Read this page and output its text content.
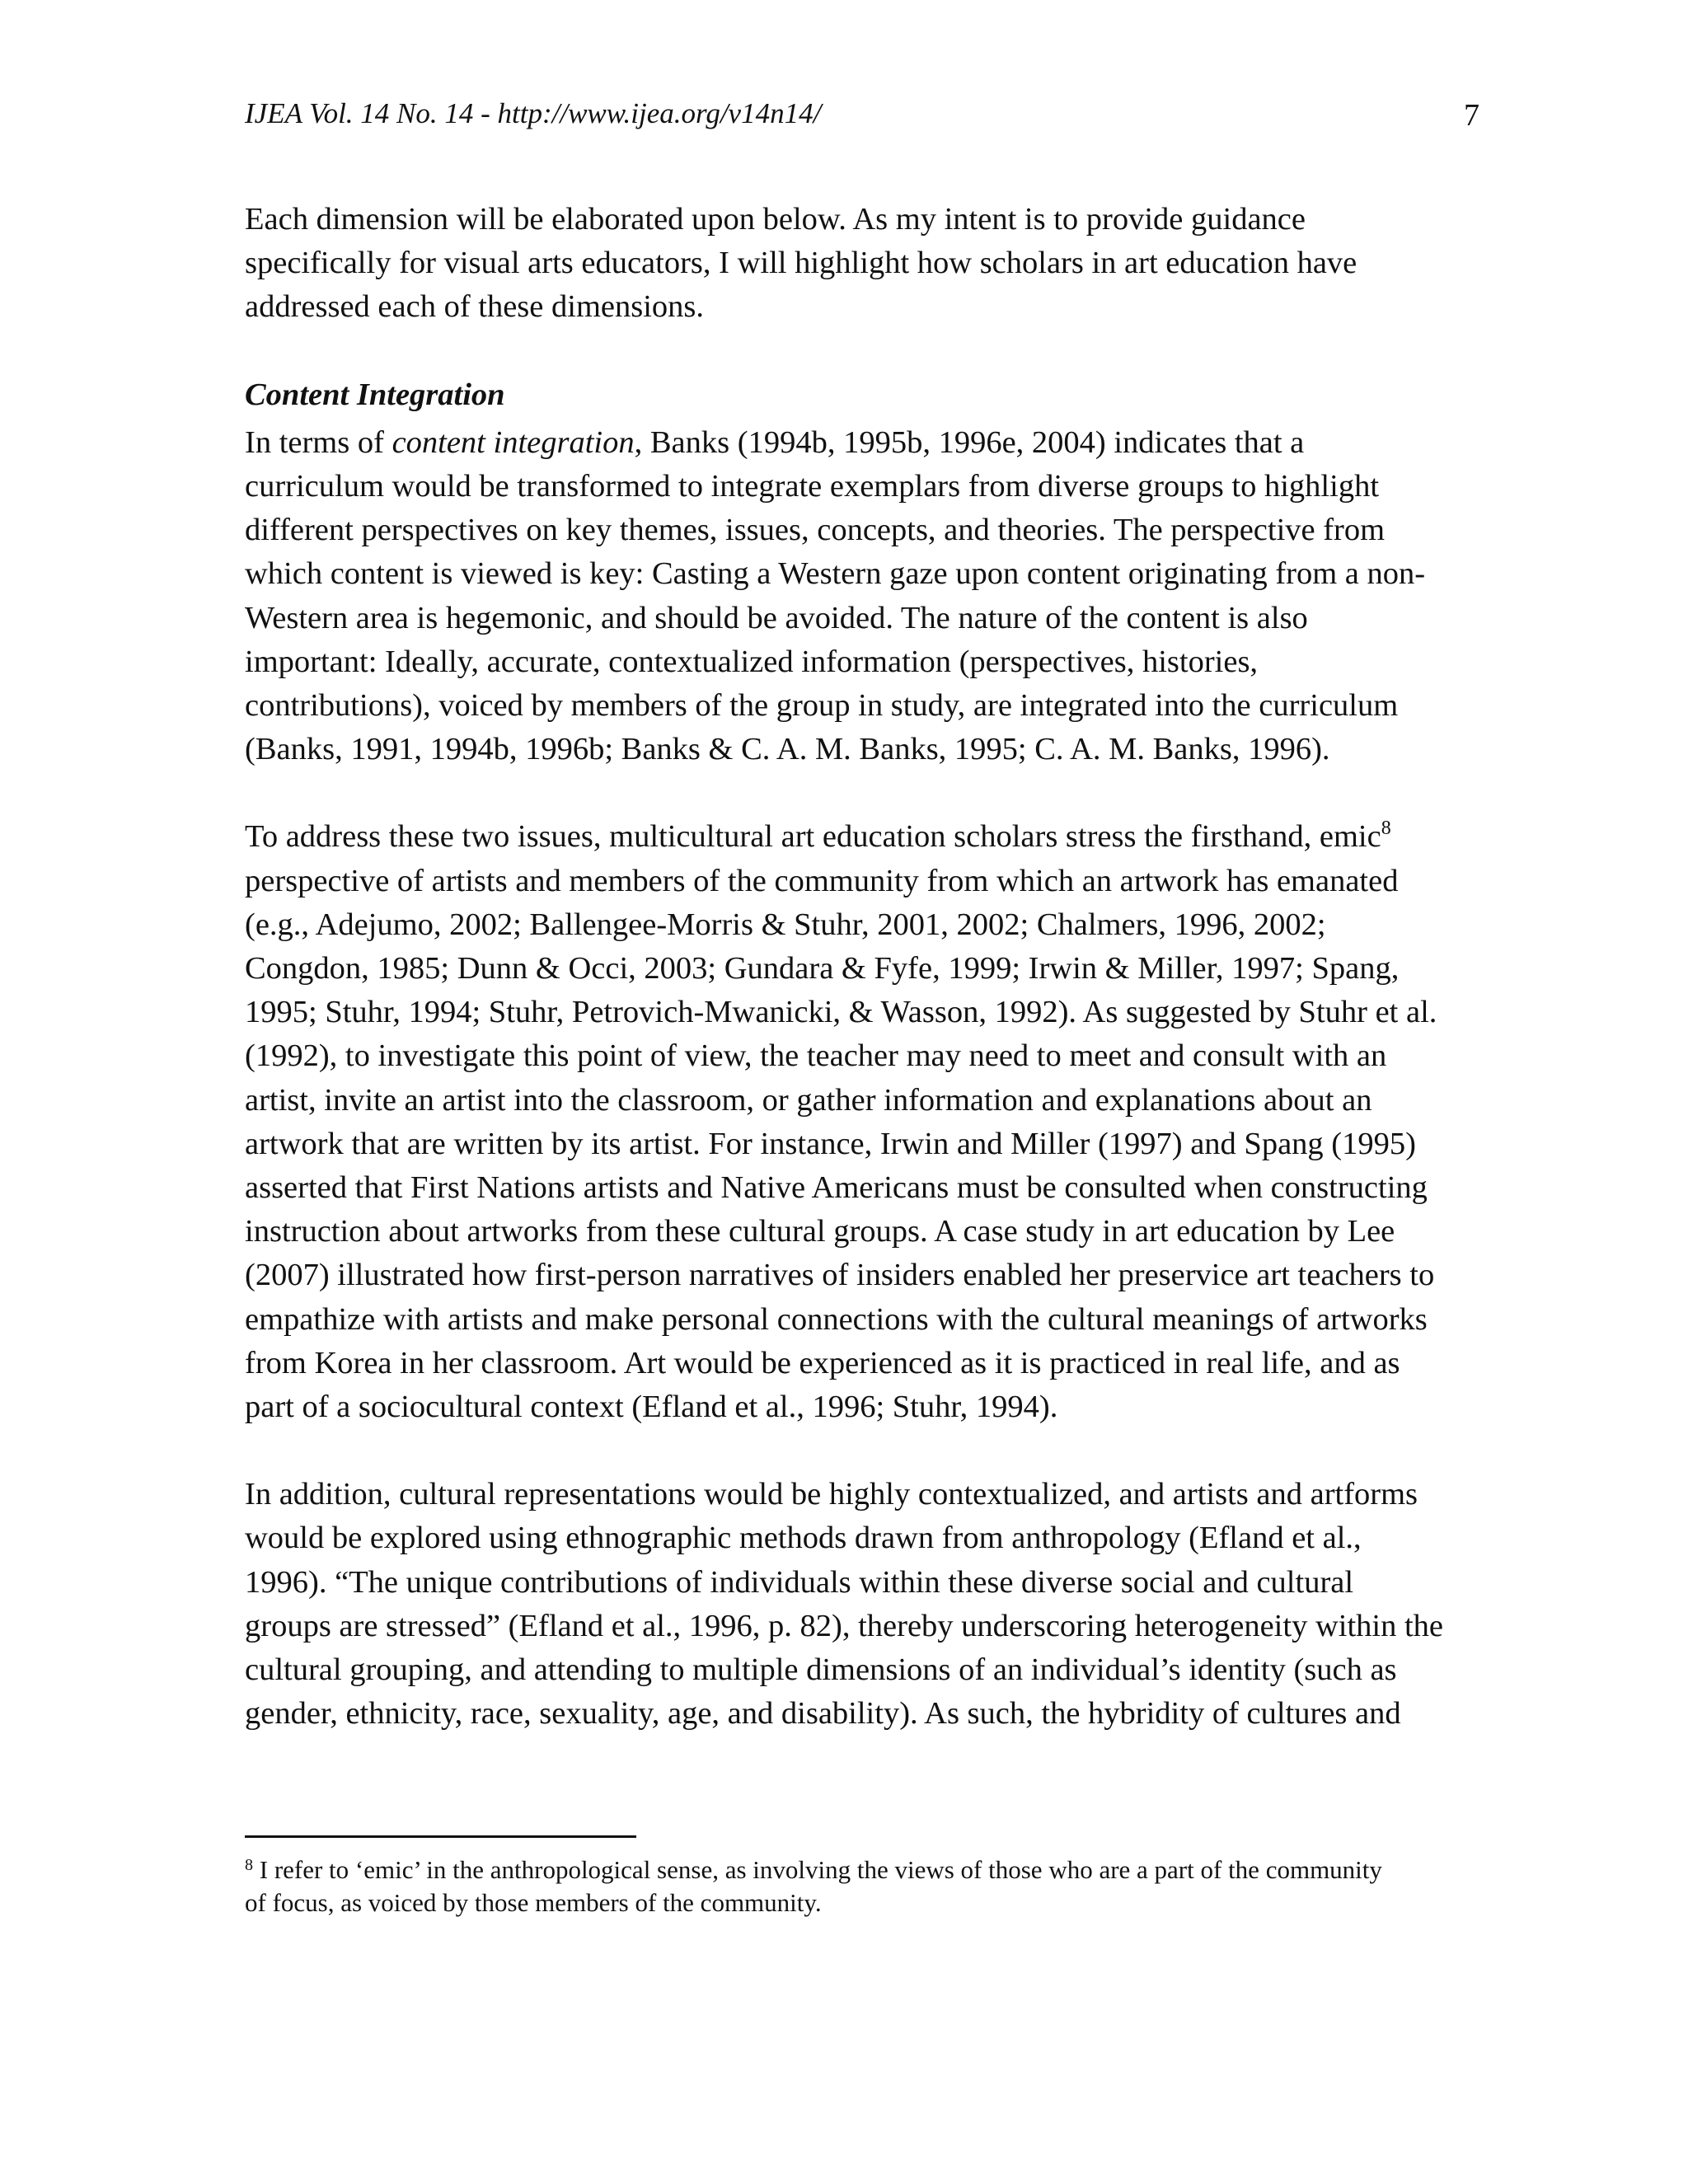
IJEA Vol. 14 No. 14 - http://www.ijea.org/v14n14/	7

Each dimension will be elaborated upon below. As my intent is to provide guidance
specifically for visual arts educators, I will highlight how scholars in art education have
addressed each of these dimensions.

Content Integration

In terms of content integration, Banks (1994b, 1995b, 1996e, 2004) indicates that a
curriculum would be transformed to integrate exemplars from diverse groups to highlight
different perspectives on key themes, issues, concepts, and theories. The perspective from
which content is viewed is key: Casting a Western gaze upon content originating from a non-
Western area is hegemonic, and should be avoided. The nature of the content is also
important: Ideally, accurate, contextualized information (perspectives, histories,
contributions), voiced by members of the group in study, are integrated into the curriculum
(Banks, 1991, 1994b, 1996b; Banks & C. A. M. Banks, 1995; C. A. M. Banks, 1996).

To address these two issues, multicultural art education scholars stress the firsthand, emic$^8$
perspective of artists and members of the community from which an artwork has emanated
(e.g., Adejumo, 2002; Ballengee-Morris & Stuhr, 2001, 2002; Chalmers, 1996, 2002;
Congdon, 1985; Dunn & Occi, 2003; Gundara & Fyfe, 1999; Irwin & Miller, 1997; Spang,
1995; Stuhr, 1994; Stuhr, Petrovich-Mwanicki, & Wasson, 1992). As suggested by Stuhr et al.
(1992), to investigate this point of view, the teacher may need to meet and consult with an
artist, invite an artist into the classroom, or gather information and explanations about an
artwork that are written by its artist. For instance, Irwin and Miller (1997) and Spang (1995)
asserted that First Nations artists and Native Americans must be consulted when constructing
instruction about artworks from these cultural groups. A case study in art education by Lee
(2007) illustrated how first-person narratives of insiders enabled her preservice art teachers to
empathize with artists and make personal connections with the cultural meanings of artworks
from Korea in her classroom. Art would be experienced as it is practiced in real life, and as
part of a sociocultural context (Efland et al., 1996; Stuhr, 1994).

In addition, cultural representations would be highly contextualized, and artists and artforms
would be explored using ethnographic methods drawn from anthropology (Efland et al.,
1996). “The unique contributions of individuals within these diverse social and cultural
groups are stressed” (Efland et al., 1996, p. 82), thereby underscoring heterogeneity within the
cultural grouping, and attending to multiple dimensions of an individual’s identity (such as
gender, ethnicity, race, sexuality, age, and disability). As such, the hybridity of cultures and

$^8$ I refer to ‘emic’ in the anthropological sense, as involving the views of those who are a part of the community
of focus, as voiced by those members of the community.
